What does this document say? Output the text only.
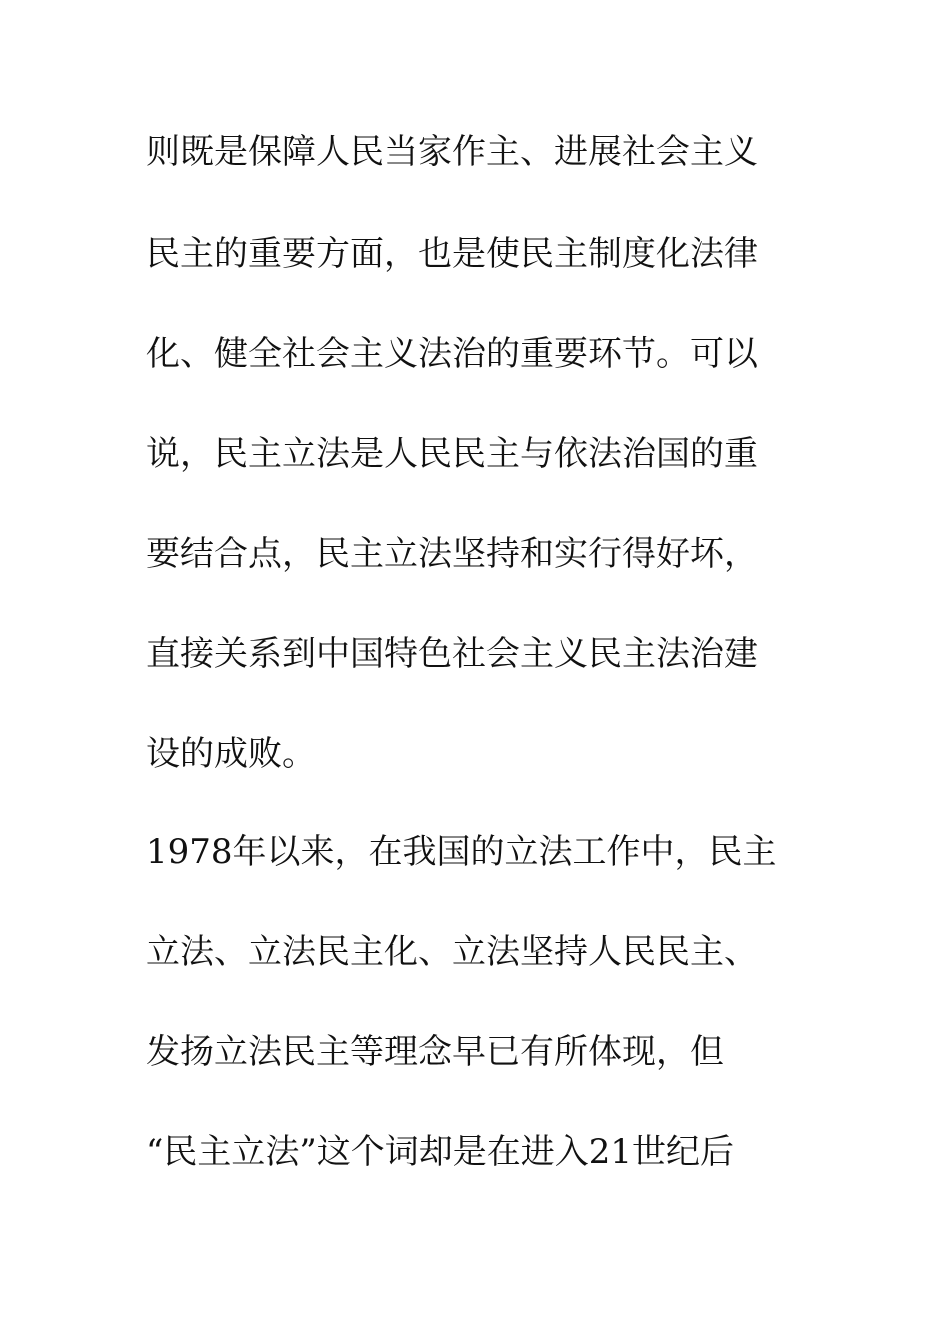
则既是保障人民当家作主、进展社会主义
民主的重要方面，也是使民主制度化法律
化、健全社会主义法治的重要环节。可以
说，民主立法是人民民主与依法治国的重
要结合点，民主立法坚持和实行得好坏，
直接关系到中国特色社会主义民主法治建
设的成败。
1978年以来，在我国的立法工作中，民主
立法、立法民主化、立法坚持人民民主、
发扬立法民主等理念早已有所体现，但
“民主立法”这个词却是在进入21世纪后
